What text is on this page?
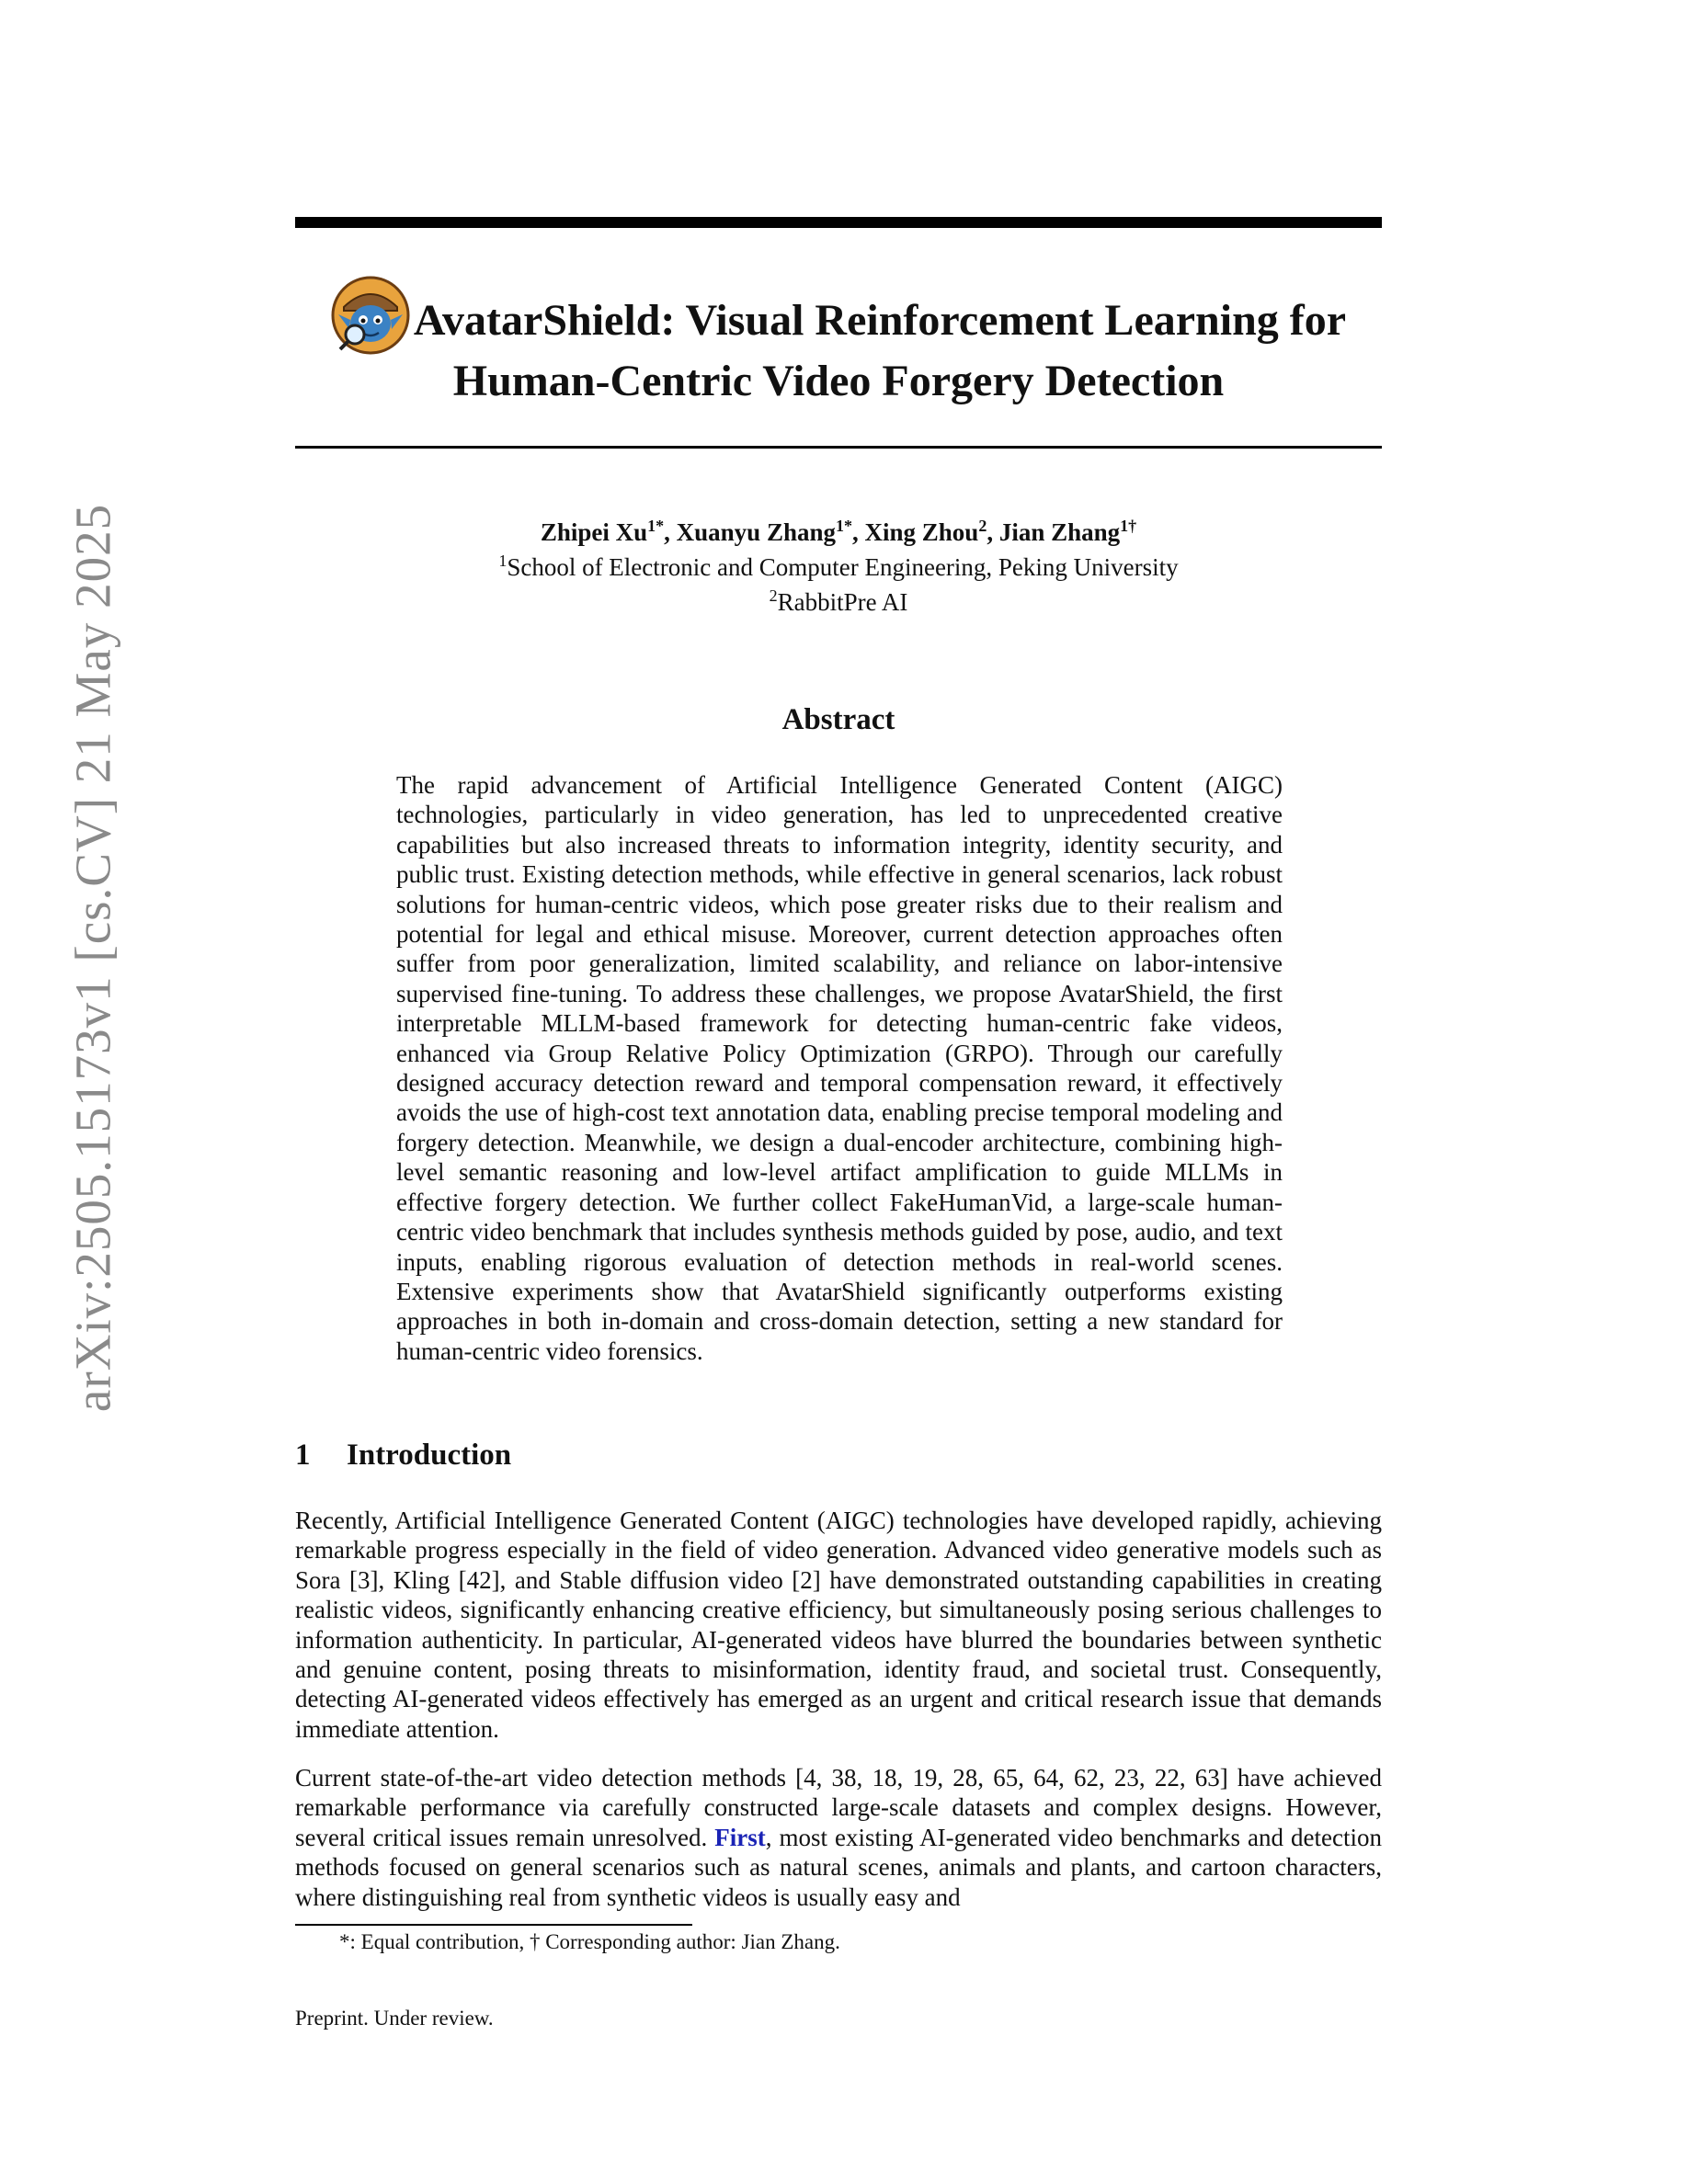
arXiv:2505.15173v1 [cs.CV] 21 May 2025
AvatarShield: Visual Reinforcement Learning for
Human-Centric Video Forgery Detection
Zhipei $Xu^{1*}$, Xuanyu Zhang$^{1*}$, Xing Zhou$^2$, Jian Zhang$^{1\dagger}$
$^1$School of Electronic and Computer Engineering, Peking University
$^2$RabbitPre AI
Abstract
The rapid advancement of Artificial Intelligence Generated Content (AIGC) technologies, particularly in video generation, has led to unprecedented creative capabilities but also increased threats to information integrity, identity security, and public trust. Existing detection methods, while effective in general scenarios, lack robust solutions for human-centric videos, which pose greater risks due to their realism and potential for legal and ethical misuse. Moreover, current detection approaches often suffer from poor generalization, limited scalability, and reliance on labor-intensive supervised fine-tuning. To address these challenges, we propose AvatarShield, the first interpretable MLLM-based framework for detecting human-centric fake videos, enhanced via Group Relative Policy Optimization (GRPO). Through our carefully designed accuracy detection reward and temporal compensation reward, it effectively avoids the use of high-cost text annotation data, enabling precise temporal modeling and forgery detection. Meanwhile, we design a dual-encoder architecture, combining high-level semantic reasoning and low-level artifact amplification to guide MLLMs in effective forgery detection. We further collect FakeHumanVid, a large-scale human-centric video benchmark that includes synthesis methods guided by pose, audio, and text inputs, enabling rigorous evaluation of detection methods in real-world scenes. Extensive experiments show that AvatarShield significantly outperforms existing approaches in both in-domain and cross-domain detection, setting a new standard for human-centric video forensics.
1 Introduction
Recently, Artificial Intelligence Generated Content (AIGC) technologies have developed rapidly, achieving remarkable progress especially in the field of video generation. Advanced video generative models such as Sora [3], Kling [42], and Stable diffusion video [2] have demonstrated outstanding capabilities in creating realistic videos, significantly enhancing creative efficiency, but simultaneously posing serious challenges to information authenticity. In particular, AI-generated videos have blurred the boundaries between synthetic and genuine content, posing threats to misinformation, identity fraud, and societal trust. Consequently, detecting AI-generated videos effectively has emerged as an urgent and critical research issue that demands immediate attention.
Current state-of-the-art video detection methods [4, 38, 18, 19, 28, 65, 64, 62, 23, 22, 63] have achieved remarkable performance via carefully constructed large-scale datasets and complex designs. However, several critical issues remain unresolved. First, most existing AI-generated video benchmarks and detection methods focused on general scenarios such as natural scenes, animals and plants, and cartoon characters, where distinguishing real from synthetic videos is usually easy and
*: Equal contribution, † Corresponding author: Jian Zhang.
Preprint. Under review.
